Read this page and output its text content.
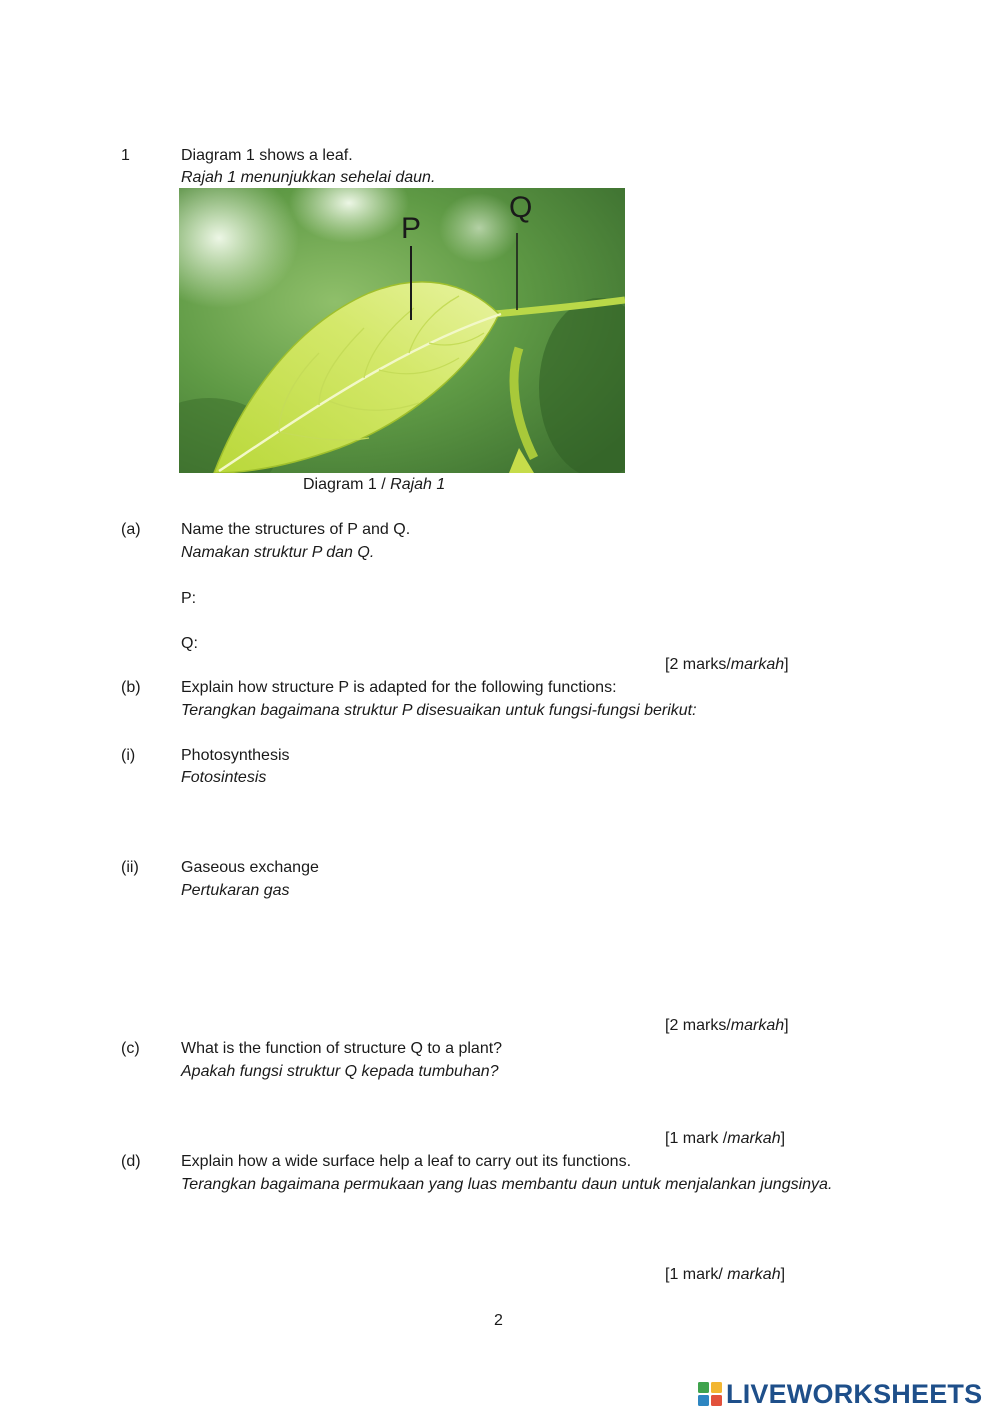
1	Diagram 1 shows a leaf.
Rajah 1 menunjukkan sehelai daun.
P
Q
Diagram 1 / Rajah 1
(a)	Name the structures of P and Q.
Namakan struktur P dan Q.
P:
Q:
[2 marks/markah]
(b)	Explain how structure P is adapted for the following functions:
Terangkan bagaimana struktur P disesuaikan untuk fungsi-fungsi berikut:
(i)	Photosynthesis
Fotosintesis
(ii)	Gaseous exchange
Pertukaran gas
[2 marks/markah]
(c)	What is the function of structure Q to a plant?
Apakah fungsi struktur Q kepada tumbuhan?
[1 mark /markah]
(d)	Explain how a wide surface help a leaf to carry out its functions.
Terangkan bagaimana permukaan yang luas membantu daun untuk menjalankan jungsinya.
[1 mark/ markah]
2
LIVEWORKSHEETS
